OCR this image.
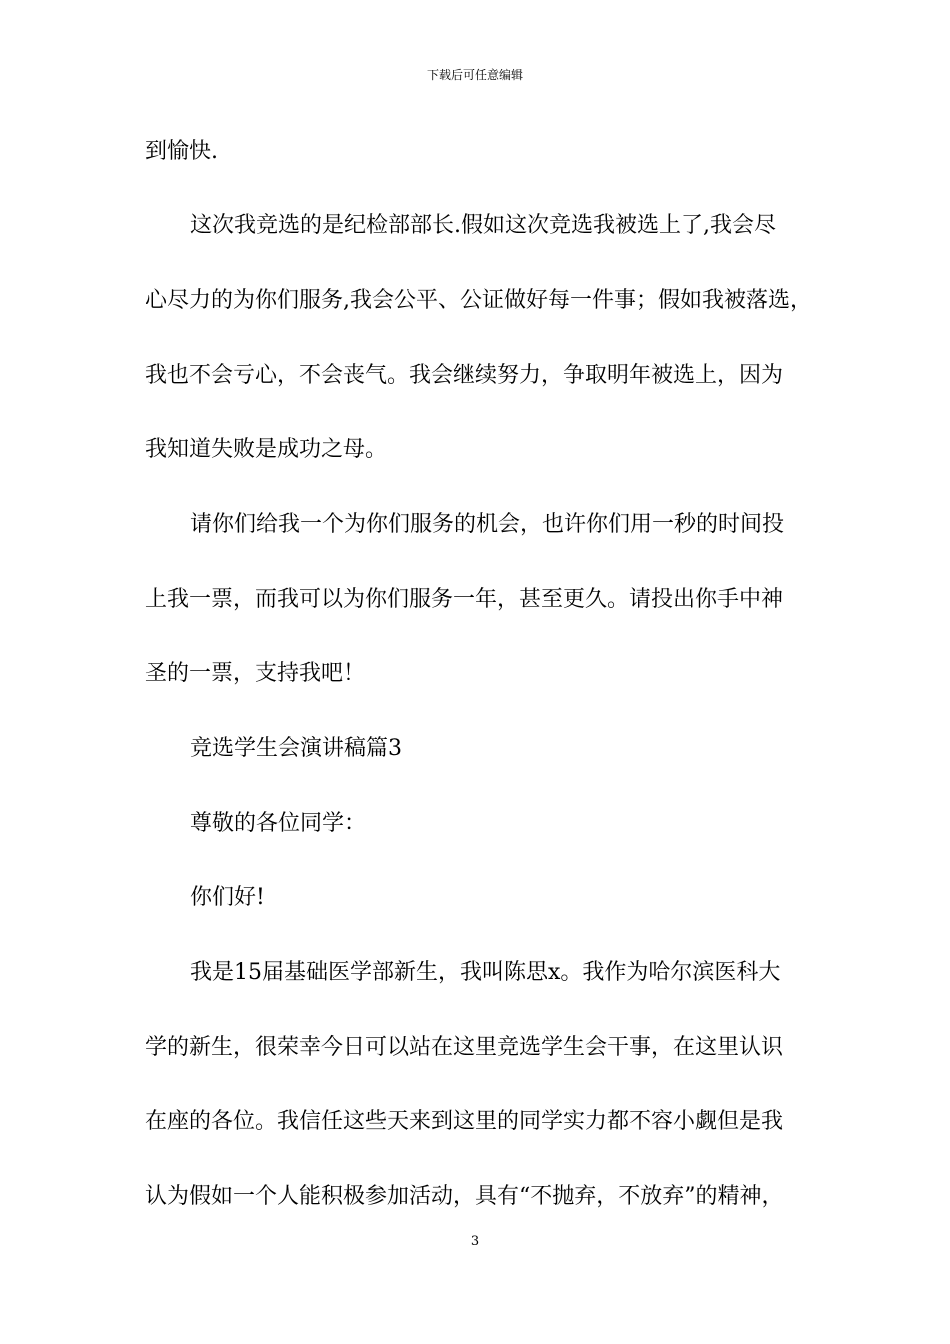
下载后可任意编辑
到愉快.
这次我竞选的是纪检部部长.假如这次竞选我被选上了,我会尽
心尽力的为你们服务,我会公平、公证做好每一件事；假如我被落选，
我也不会亏心，不会丧气。我会继续努力，争取明年被选上，因为
我知道失败是成功之母。
请你们给我一个为你们服务的机会，也许你们用一秒的时间投
上我一票，而我可以为你们服务一年，甚至更久。请投出你手中神
圣的一票，支持我吧！
竞选学生会演讲稿篇3
尊敬的各位同学：
你们好!
我是15届基础医学部新生，我叫陈思x。我作为哈尔滨医科大
学的新生，很荣幸今日可以站在这里竞选学生会干事，在这里认识
在座的各位。我信任这些天来到这里的同学实力都不容小觑但是我
认为假如一个人能积极参加活动，具有“不抛弃，不放弃”的精神，
3
